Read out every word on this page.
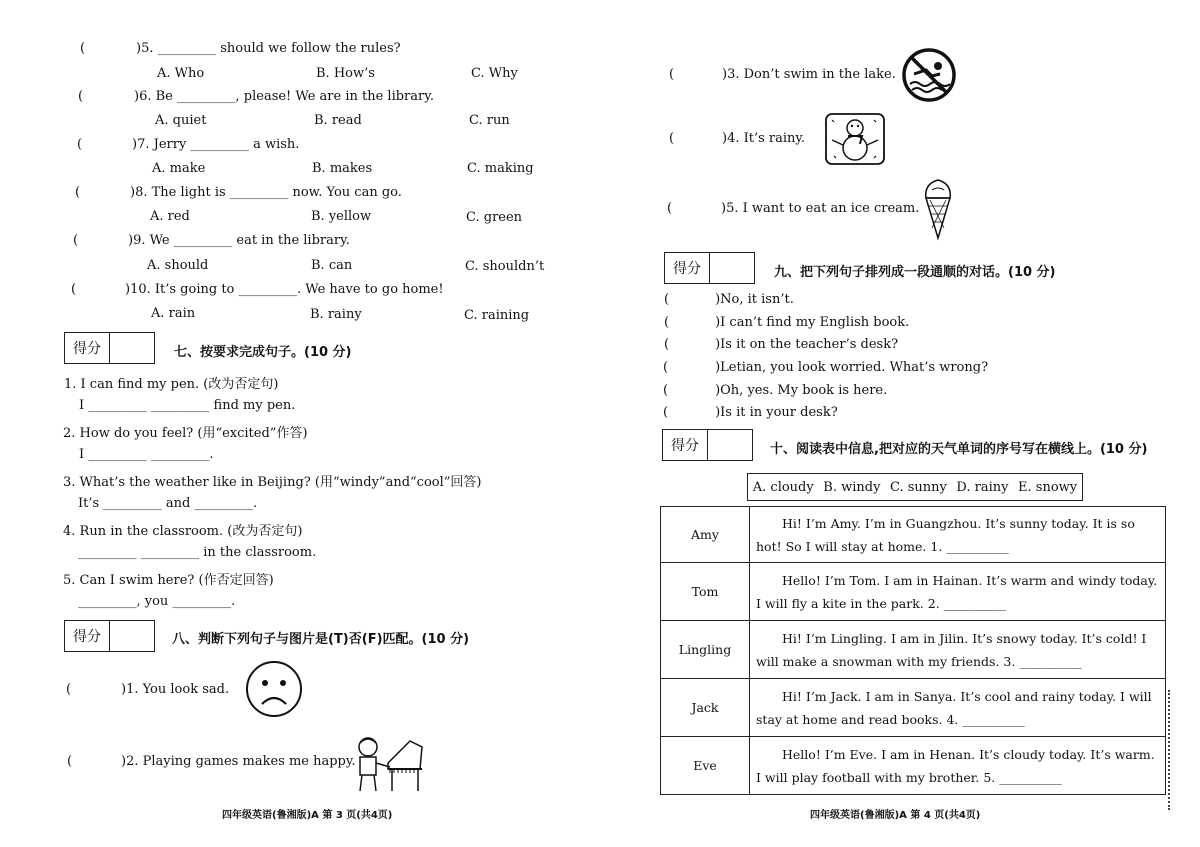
(	)5. _________ should we follow the rules?
A. Who	B. How’s	C. Why
(	)6. Be _________, please! We are in the library.
A. quiet	B. read	C. run
(	)7. Jerry _________ a wish.
A. make	B. makes	C. making
(	)8. The light is _________ now. You can go.
A. red	B. yellow	C. green
(	)9. We _________ eat in the library.
A. should	B. can	C. shouldn’t
(	)10. It’s going to _________. We have to go home!
A. rain	B. rainy	C. raining
得分	七、按要求完成句子。(10 分)
1. I can find my pen. (改为否定句)
I _________ _________ find my pen.
2. How do you feel? (用“excited”作答)
I _________ _________.
3. What’s the weather like in Beijing? (用“windy”and“cool”回答)
It’s _________ and _________.
4. Run in the classroom. (改为否定句)
_________ _________ in the classroom.
5. Can I swim here? (作否定回答)
_________, you _________.
得分	八、判断下列句子与图片是(T)否(F)匹配。(10 分)
(	)1. You look sad.
(	)2. Playing games makes me happy.
四年级英语(鲁湘版)A 第 3 页(共4页)
(	)3. Don’t swim in the lake.
(	)4. It’s rainy.
(	)5. I want to eat an ice cream.
得分	九、把下列句子排列成一段通顺的对话。(10 分)
(	)No, it isn’t.
(	)I can’t find my English book.
(	)Is it on the teacher’s desk?
(	)Letian, you look worried. What’s wrong?
(	)Oh, yes. My book is here.
(	)Is it in your desk?
得分	十、阅读表中信息,把对应的天气单词的序号写在横线上。(10 分)
A. cloudy B. windy C. sunny D. rainy E. snowy
Amy	Hi! I’m Amy. I’m in Guangzhou. It’s sunny today. It is so hot! So I will stay at home. 1. __________
Tom	Hello! I’m Tom. I am in Hainan. It’s warm and windy today. I will fly a kite in the park. 2. __________
Lingling	Hi! I’m Lingling. I am in Jilin. It’s snowy today. It’s cold! I will make a snowman with my friends. 3. __________
Jack	Hi! I’m Jack. I am in Sanya. It’s cool and rainy today. I will stay at home and read books. 4. __________
Eve	Hello! I’m Eve. I am in Henan. It’s cloudy today. It’s warm. I will play football with my brother. 5. __________
四年级英语(鲁湘版)A 第 4 页(共4页)
